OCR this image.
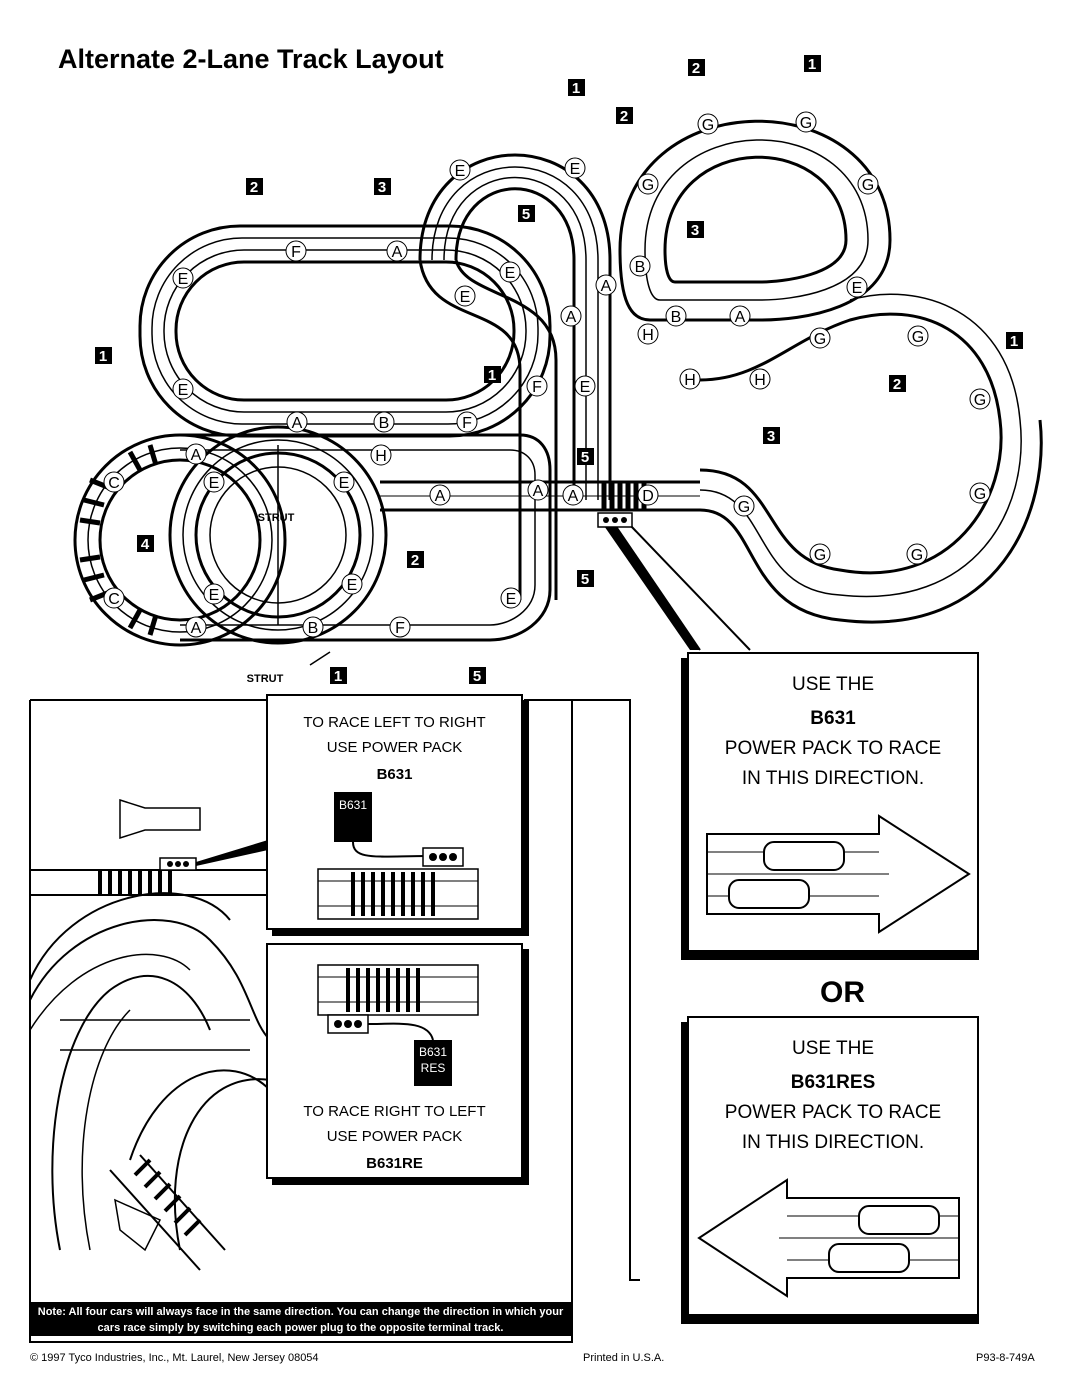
Alternate 2-Lane Track Layout
F	A
E
E
A	B	F
E	E
E
E
A
A
F E
G	G
G	G
B
E
H
B	A
G	G
H	H
G
G
G
G	G
A	H
C	E	E
A	A A	D
C	E
E
E
A	B	F
1
2
2	1
2	3
5
3
1
1
1
2
3
5
4
2
5
1	5
STRUT
STRUT
TO RACE LEFT TO RIGHT
USE POWER PACK
B631
B631
B631
RES
TO RACE RIGHT TO LEFT
USE POWER PACK
B631RE
USE THE
B631
POWER PACK TO RACE
IN THIS DIRECTION.
OR
USE THE
B631RES
POWER PACK TO RACE
IN THIS DIRECTION.
Note: All four cars will always face in the same direction. You can change the direction in which your cars race simply by switching each power plug to the opposite terminal track.
© 1997 Tyco Industries, Inc., Mt. Laurel, New Jersey 08054	Printed in U.S.A.	P93-8-749A
